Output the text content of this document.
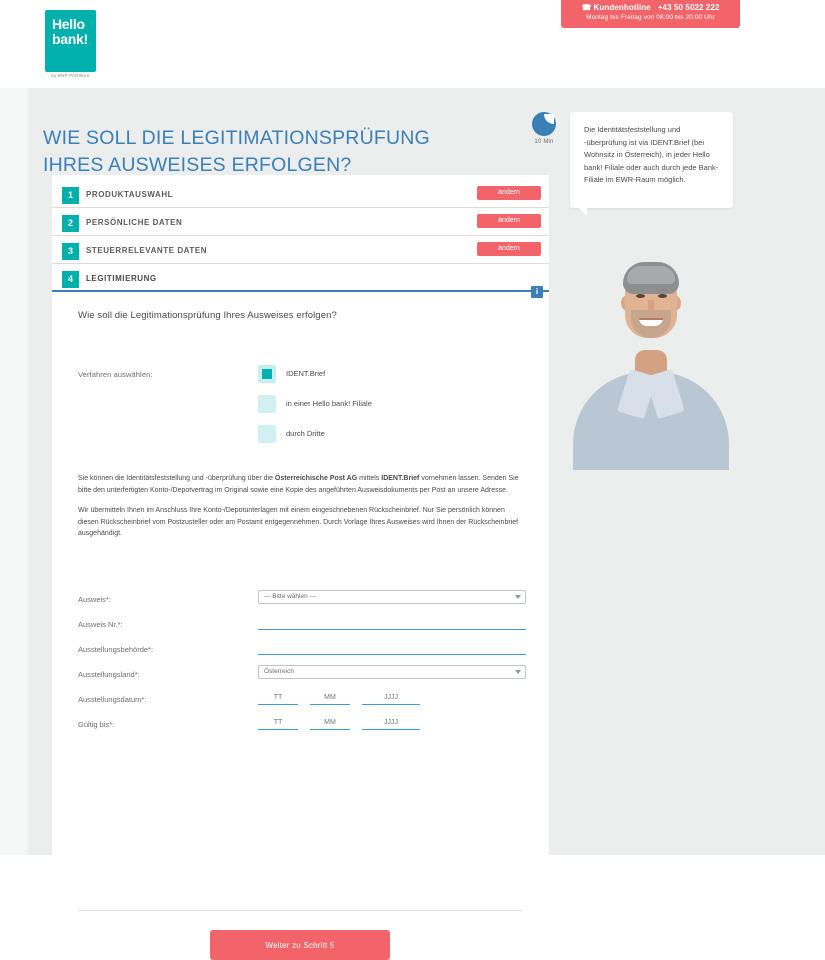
Hello
bank!
by BNP PARIBAS
☎ Kundenhotline +43 50 5022 222
Montag bis Freitag von 08:00 bis 20:00 Uhr
WIE SOLL DIE LEGITIMATIONSPRÜFUNG
IHRES AUSWEISES ERFOLGEN?
10 Min
Die Identitätsfeststellung und -überprüfung ist via IDENT.Brief (bei Wohnsitz in Österreich), in jeder Hello bank! Filiale oder auch durch jede Bank-Filiale im EWR-Raum möglich.
1	PRODUKTAUSWAHL	ändern
2	PERSÖNLICHE DATEN	ändern
3	STEUERRELEVANTE DATEN	ändern
4	LEGITIMIERUNG
i
Wie soll die Legitimationsprüfung Ihres Ausweises erfolgen?
Verfahren auswählen:	IDENT.Brief
in einer Hello bank! Filiale
durch Dritte

Sie können die Identitätsfeststellung und -überprüfung über die Österreichische Post AG mittels IDENT.Brief vornehmen lassen. Senden Sie bitte den unterfertigten Konto-/Depotvertrag im Original sowie eine Kopie des angeführten Ausweisdokuments per Post an unsere Adresse.

Wir übermitteln Ihnen im Anschluss Ihre Konto-/Depotunterlagen mit einem eingeschriebenen Rückscheinbrief. Nur Sie persönlich können diesen Rückscheinbrief vom Postzusteller oder am Postamt entgegennehmen. Durch Vorlage Ihres Ausweises wird Ihnen der Rückscheinbrief ausgehändigt.

Ausweis*:	--- Bitte wählen ---
Ausweis Nr.*:
Ausstellungsbehörde*:
Ausstellungsland*:	Österreich
Ausstellungsdatum*:
TT
MM
JJJJ
Gültig bis*:
TT
MM
JJJJ
Weiter zu Schritt 5
